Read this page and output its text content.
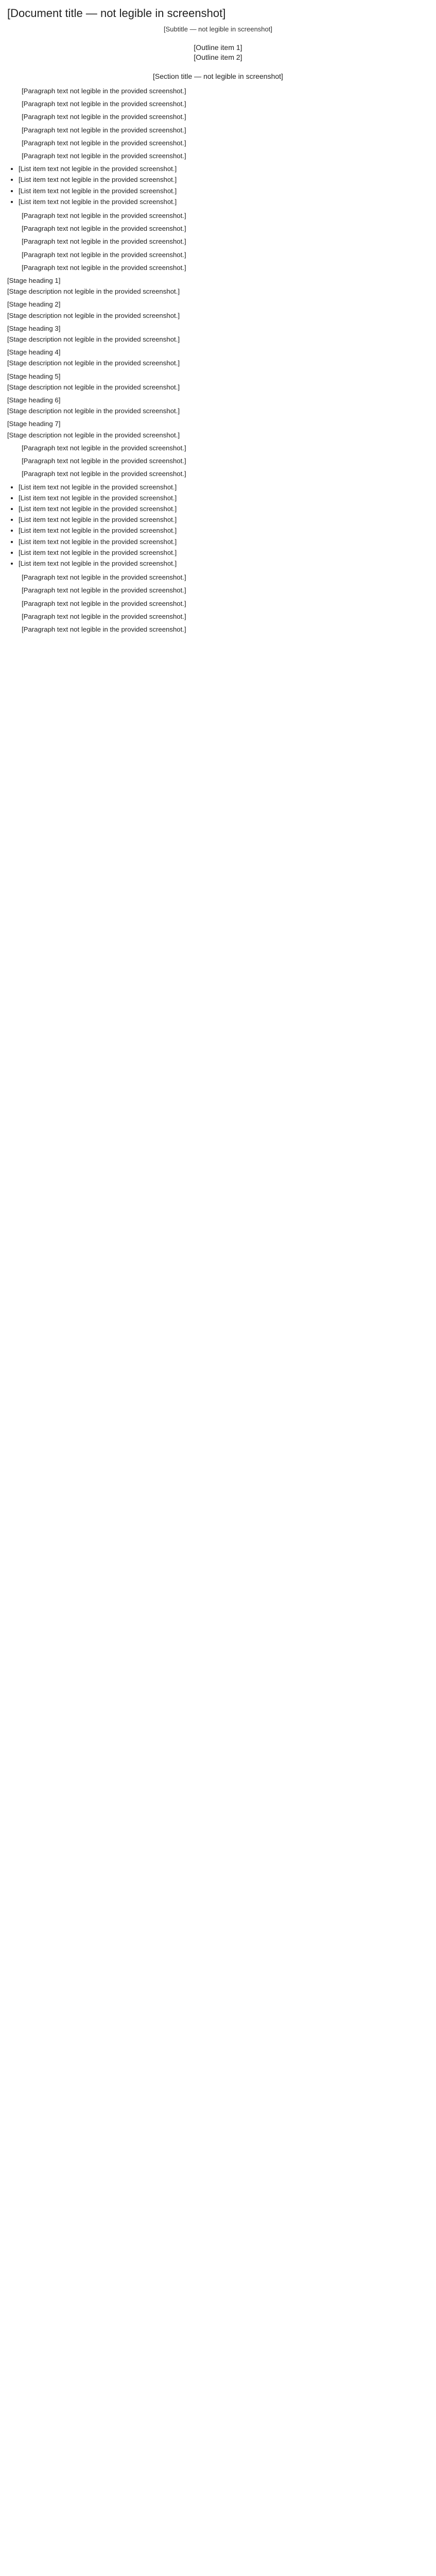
[Document title — not legible in screenshot]
[Subtitle — not legible in screenshot]
[Outline item 1]
[Outline item 2]
[Section title — not legible in screenshot]

[Paragraph text not legible in the provided screenshot.]

[Paragraph text not legible in the provided screenshot.]

[Paragraph text not legible in the provided screenshot.]

[Paragraph text not legible in the provided screenshot.]

[Paragraph text not legible in the provided screenshot.]

[Paragraph text not legible in the provided screenshot.]

• [List item text not legible in the provided screenshot.]
• [List item text not legible in the provided screenshot.]
• [List item text not legible in the provided screenshot.]
• [List item text not legible in the provided screenshot.]

[Paragraph text not legible in the provided screenshot.]

[Paragraph text not legible in the provided screenshot.]

[Paragraph text not legible in the provided screenshot.]

[Paragraph text not legible in the provided screenshot.]

[Paragraph text not legible in the provided screenshot.]

[Stage heading 1]

[Stage description not legible in the provided screenshot.]

[Stage heading 2]

[Stage description not legible in the provided screenshot.]

[Stage heading 3]

[Stage description not legible in the provided screenshot.]

[Stage heading 4]

[Stage description not legible in the provided screenshot.]

[Stage heading 5]

[Stage description not legible in the provided screenshot.]

[Stage heading 6]

[Stage description not legible in the provided screenshot.]

[Stage heading 7]

[Stage description not legible in the provided screenshot.]

[Paragraph text not legible in the provided screenshot.]

[Paragraph text not legible in the provided screenshot.]

[Paragraph text not legible in the provided screenshot.]

• [List item text not legible in the provided screenshot.]
• [List item text not legible in the provided screenshot.]
• [List item text not legible in the provided screenshot.]
• [List item text not legible in the provided screenshot.]
• [List item text not legible in the provided screenshot.]
• [List item text not legible in the provided screenshot.]
• [List item text not legible in the provided screenshot.]
• [List item text not legible in the provided screenshot.]

[Paragraph text not legible in the provided screenshot.]

[Paragraph text not legible in the provided screenshot.]

[Paragraph text not legible in the provided screenshot.]

[Paragraph text not legible in the provided screenshot.]

[Paragraph text not legible in the provided screenshot.]
